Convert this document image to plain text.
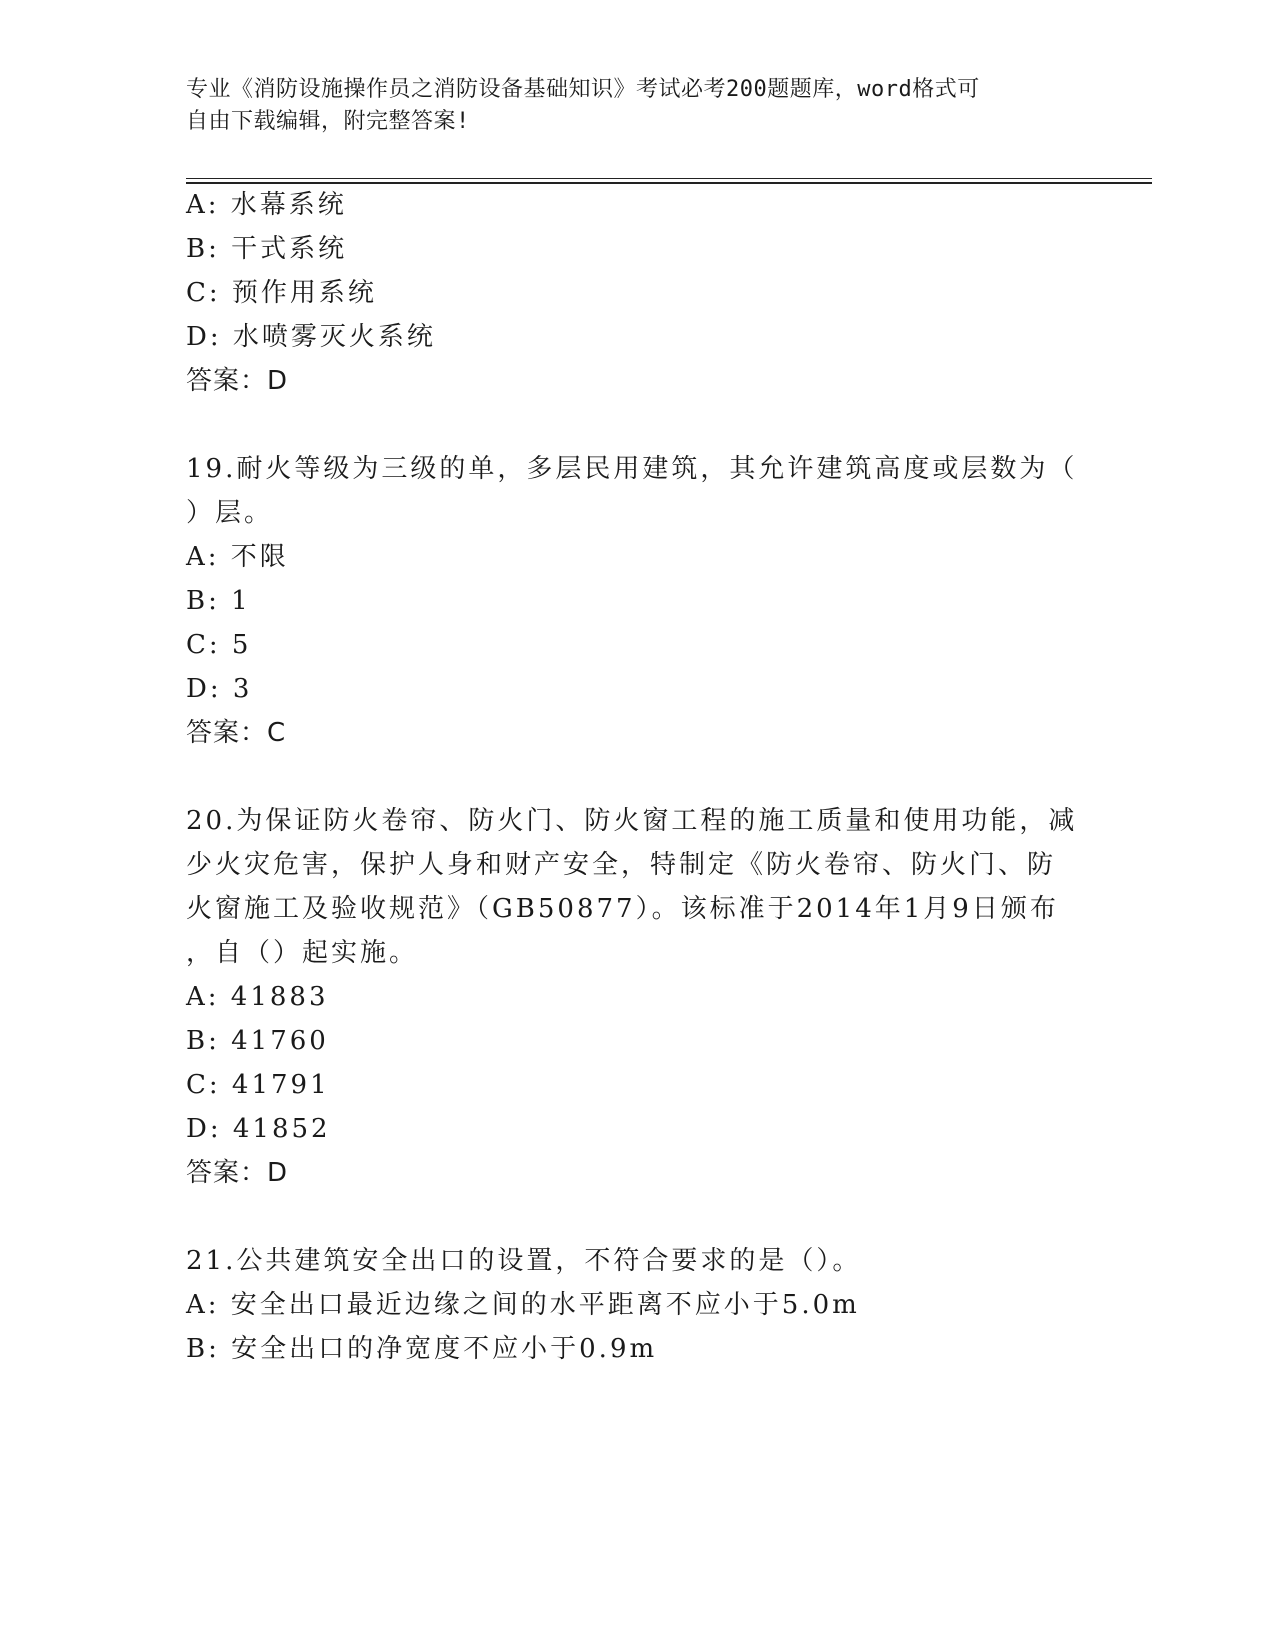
专业《消防设施操作员之消防设备基础知识》考试必考200题题库，word格式可
自由下载编辑，附完整答案!
A: 水幕系统
B: 干式系统
C: 预作用系统
D: 水喷雾灭火系统
答案：D
19.耐火等级为三级的单，多层民用建筑，其允许建筑高度或层数为（
）层。
A: 不限
B: 1
C: 5
D: 3
答案：C
20.为保证防火卷帘、防火门、防火窗工程的施工质量和使用功能，减
少火灾危害，保护人身和财产安全，特制定《防火卷帘、防火门、防
火窗施工及验收规范》（GB50877）。该标准于2014年1月9日颁布
，自（）起实施。
A: 41883
B: 41760
C: 41791
D: 41852
答案：D
21.公共建筑安全出口的设置，不符合要求的是（）。
A: 安全出口最近边缘之间的水平距离不应小于5.0m
B: 安全出口的净宽度不应小于0.9m
